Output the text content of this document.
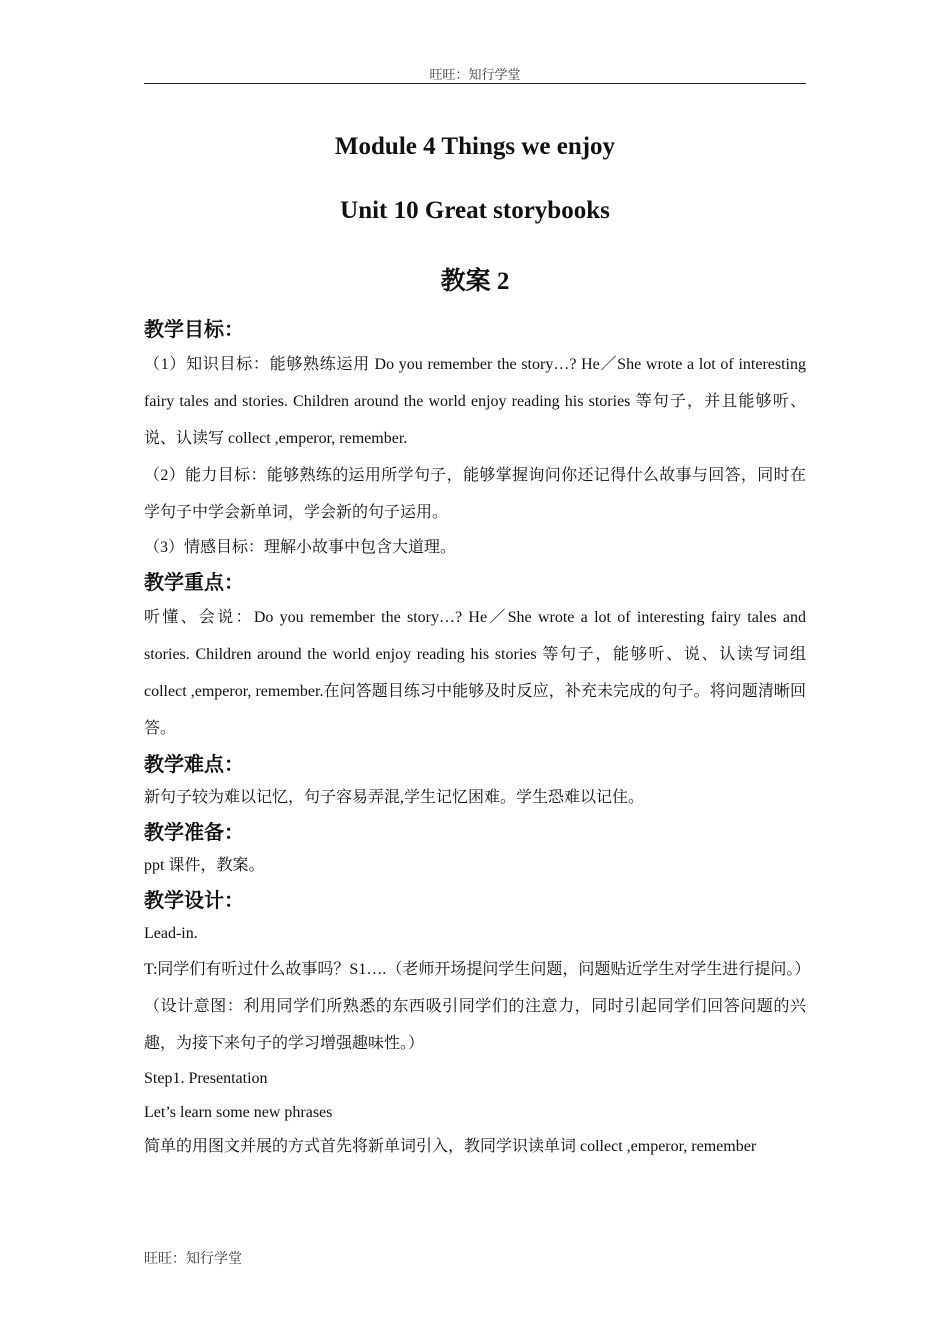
旺旺：知行学堂
Module 4 Things we enjoy
Unit 10 Great storybooks
教案 2

教学目标：

（1）知识目标：能够熟练运用 Do you remember the story…? He／She wrote a lot of interesting fairy tales and stories. Children around the world enjoy reading his stories 等句子，并且能够听、说、认读写 collect ,emperor, remember.

（2）能力目标：能够熟练的运用所学句子，能够掌握询问你还记得什么故事与回答，同时在学句子中学会新单词，学会新的句子运用。

（3）情感目标：理解小故事中包含大道理。

教学重点：

听懂、会说：Do you remember the story…? He／She wrote a lot of interesting fairy tales and stories. Children around the world enjoy reading his stories 等句子，能够听、说、认读写词组 collect ,emperor, remember.在问答题目练习中能够及时反应，补充未完成的句子。将问题清晰回答。

教学难点：

新句子较为难以记忆，句子容易弄混,学生记忆困难。学生恐难以记住。

教学准备：

ppt 课件，教案。

教学设计：

Lead-in.

T:同学们有听过什么故事吗？S1….（老师开场提问学生问题，问题贴近学生对学生进行提问。）

（设计意图：利用同学们所熟悉的东西吸引同学们的注意力，同时引起同学们回答问题的兴趣，为接下来句子的学习增强趣味性。）

Step1. Presentation

Let’s learn some new phrases

简单的用图文并展的方式首先将新单词引入，教同学识读单词 collect ,emperor, remember

旺旺：知行学堂
